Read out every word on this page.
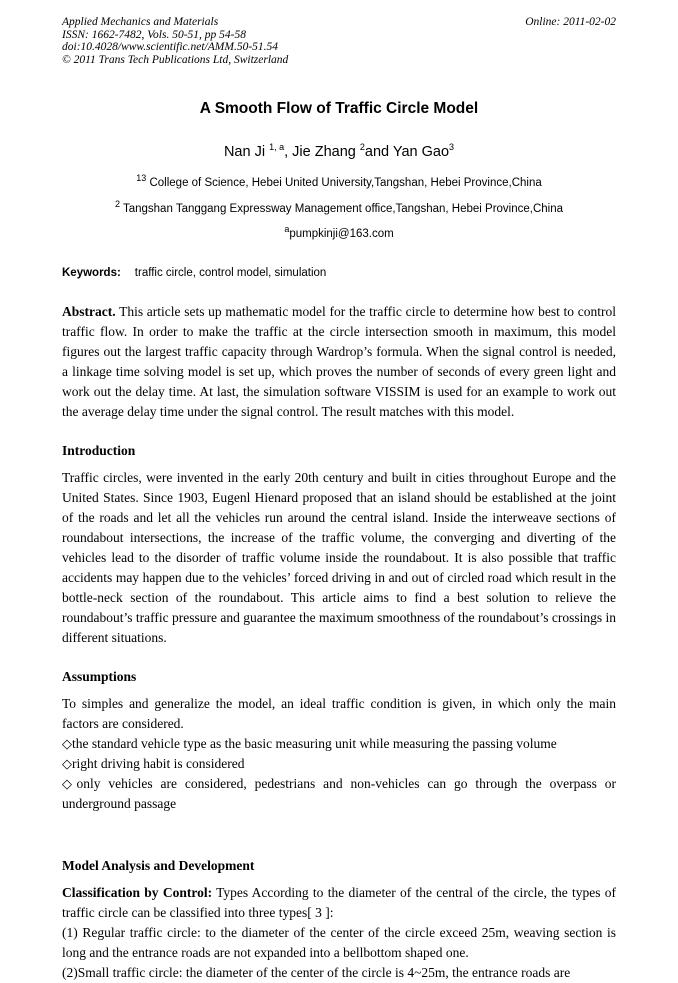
Applied Mechanics and Materials
ISSN: 1662-7482, Vols. 50-51, pp 54-58
doi:10.4028/www.scientific.net/AMM.50-51.54
© 2011 Trans Tech Publications Ltd, Switzerland
Online: 2011-02-02
A Smooth Flow of Traffic Circle Model
Nan Ji $^{1, a}$, Jie Zhang $^2$and Yan Gao$^3$
$^{13}$ College of Science, Hebei United University,Tangshan, Hebei Province,China
$^2$ Tangshan Tanggang Expressway Management office,Tangshan, Hebei Province,China
$^a$pumpkinji@163.com
Keywords: traffic circle, control model, simulation

Abstract. This article sets up mathematic model for the traffic circle to determine how best to control traffic flow. In order to make the traffic at the circle intersection smooth in maximum, this model figures out the largest traffic capacity through Wardrop’s formula. When the signal control is needed, a linkage time solving model is set up, which proves the number of seconds of every green light and work out the delay time. At last, the simulation software VISSIM is used for an example to work out the average delay time under the signal control. The result matches with this model.

Introduction

Traffic circles, were invented in the early 20th century and built in cities throughout Europe and the United States. Since 1903, Eugenl Hienard proposed that an island should be established at the joint of the roads and let all the vehicles run around the central island. Inside the interweave sections of roundabout intersections, the increase of the traffic volume, the converging and diverting of the vehicles lead to the disorder of traffic volume inside the roundabout. It is also possible that traffic accidents may happen due to the vehicles’ forced driving in and out of circled road which result in the bottle-neck section of the roundabout. This article aims to find a best solution to relieve the roundabout’s traffic pressure and guarantee the maximum smoothness of the roundabout’s crossings in different situations.

Assumptions

To simples and generalize the model, an ideal traffic condition is given, in which only the main factors are considered.

◇the standard vehicle type as the basic measuring unit while measuring the passing volume

◇right driving habit is considered

◇only vehicles are considered, pedestrians and non-vehicles can go through the overpass or underground passage

Model Analysis and Development

Classification by Control: Types According to the diameter of the central of the circle, the types of traffic circle can be classified into three types[ 3 ]:

(1) Regular traffic circle: to the diameter of the center of the circle exceed 25m, weaving section is long and the entrance roads are not expanded into a bellbottom shaped one.

(2)Small traffic circle: the diameter of the center of the circle is 4~25m, the entrance roads are
